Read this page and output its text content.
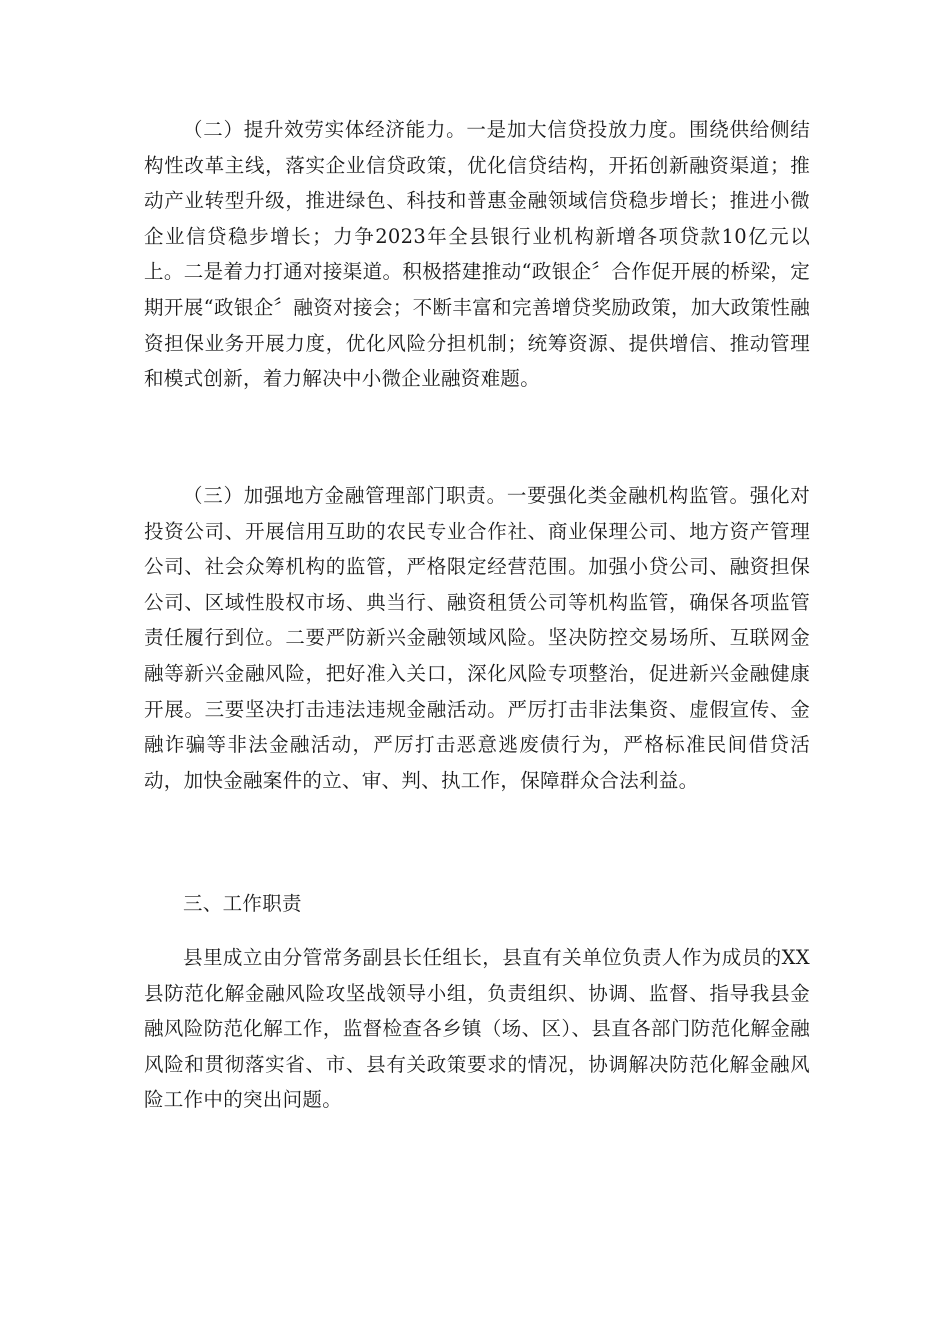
（二）提升效劳实体经济能力。一是加大信贷投放力度。围绕供给侧结构性改革主线，落实企业信贷政策，优化信贷结构，开拓创新融资渠道；推动产业转型升级，推进绿色、科技和普惠金融领域信贷稳步增长；推进小微企业信贷稳步增长；力争2023年全县银行业机构新增各项贷款10亿元以上。二是着力打通对接渠道。积极搭建推动“政银企〞合作促开展的桥梁，定期开展“政银企〞融资对接会；不断丰富和完善增贷奖励政策，加大政策性融资担保业务开展力度，优化风险分担机制；统筹资源、提供增信、推动管理和模式创新，着力解决中小微企业融资难题。

（三）加强地方金融管理部门职责。一要强化类金融机构监管。强化对投资公司、开展信用互助的农民专业合作社、商业保理公司、地方资产管理公司、社会众筹机构的监管，严格限定经营范围。加强小贷公司、融资担保公司、区域性股权市场、典当行、融资租赁公司等机构监管，确保各项监管责任履行到位。二要严防新兴金融领域风险。坚决防控交易场所、互联网金融等新兴金融风险，把好准入关口，深化风险专项整治，促进新兴金融健康开展。三要坚决打击违法违规金融活动。严厉打击非法集资、虚假宣传、金融诈骗等非法金融活动，严厉打击恶意逃废债行为，严格标准民间借贷活动，加快金融案件的立、审、判、执工作，保障群众合法利益。

三、工作职责

县里成立由分管常务副县长任组长，县直有关单位负责人作为成员的XX县防范化解金融风险攻坚战领导小组，负责组织、协调、监督、指导我县金融风险防范化解工作，监督检查各乡镇（场、区）、县直各部门防范化解金融风险和贯彻落实省、市、县有关政策要求的情况，协调解决防范化解金融风险工作中的突出问题。
